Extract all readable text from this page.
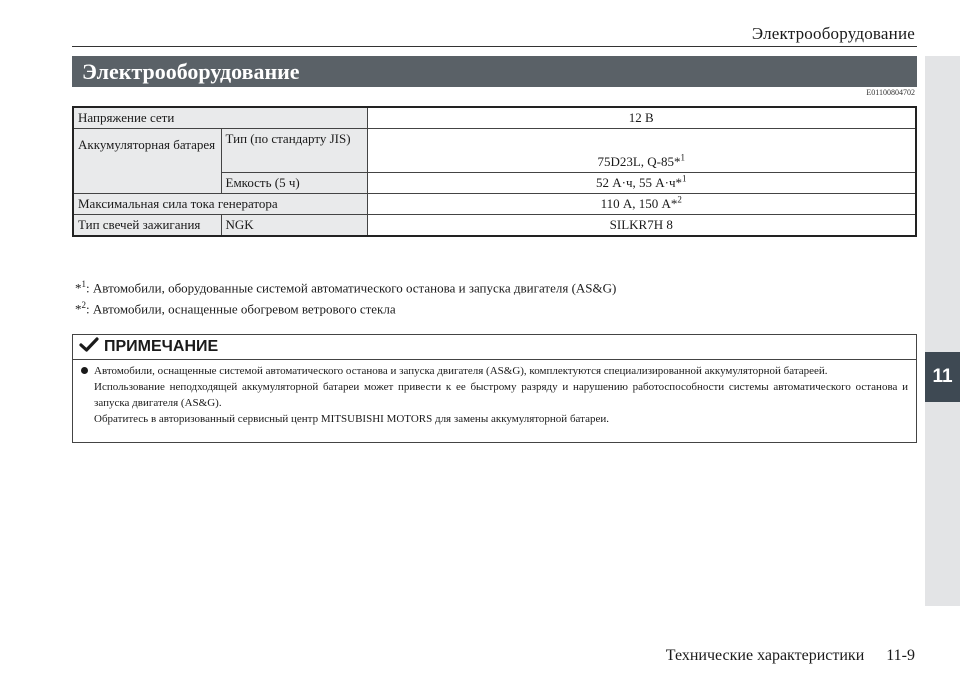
Электрооборудование
11
Электрооборудование
E01100804702
Напряжение сети		12 В
Аккумуляторная батарея	Тип (по стандарту JIS)	75D23L, Q-85*$^1$
	Емкость (5 ч)	52 А·ч, 55 А·ч*$^1$
Максимальная сила тока генератора		110 А, 150 А*$^2$
Тип свечей зажигания	NGK	SILKR7H 8
*$^1$: Автомобили, оборудованные системой автоматического останова и запуска двигателя (AS&G)
*$^2$: Автомобили, оснащенные обогревом ветрового стекла
ПРИМЕЧАНИЕ
Автомобили, оснащенные системой автоматического останова и запуска двигателя (AS&G), комплектуются специализированной аккумуляторной батареей.
Использование неподходящей аккумуляторной батареи может привести к ее быстрому разряду и нарушению работоспособности системы автоматического останова и запуска двигателя (AS&G).
Обратитесь в авторизованный сервисный центр MITSUBISHI MOTORS для замены аккумуляторной батареи.
Технические характеристики 11-9
